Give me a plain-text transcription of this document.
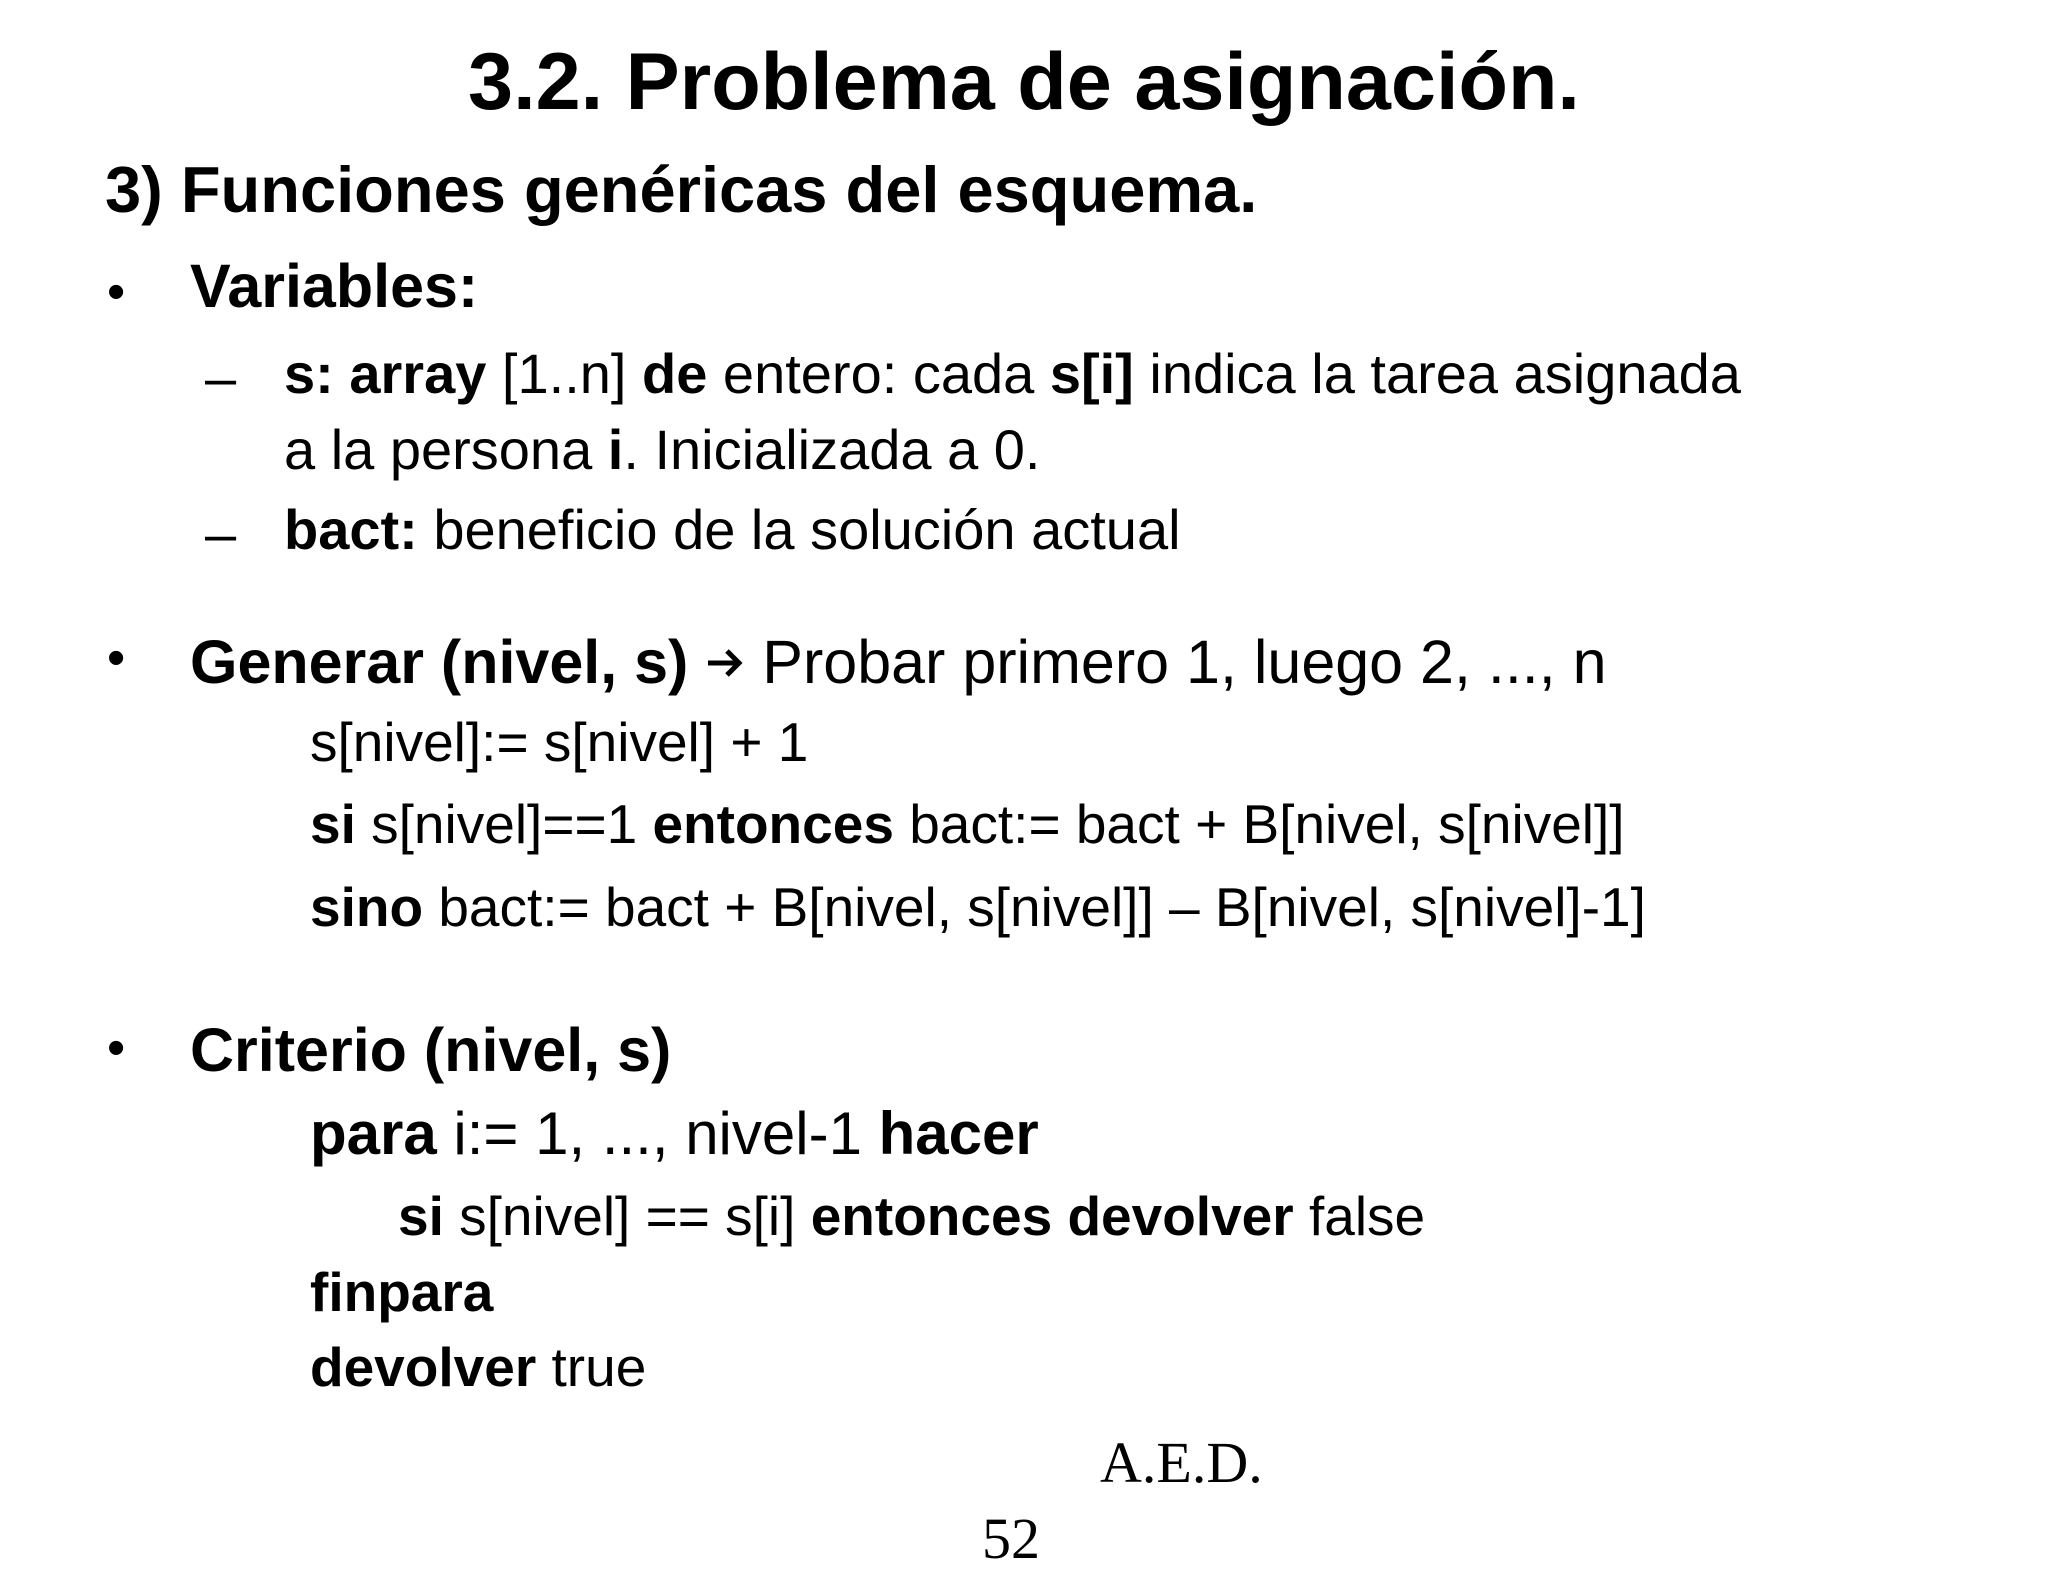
3.2. Problema de asignación.
3) Funciones genéricas del esquema.
• Variables:
– s: array [1..n] de entero: cada s[i] indica la tarea asignada
a la persona i. Inicializada a 0.
– bact: beneficio de la solución actual
• Generar (nivel, s)  Probar primero 1, luego 2, ..., n
s[nivel]:= s[nivel] + 1
si s[nivel]==1 entonces bact:= bact + B[nivel, s[nivel]]
sino bact:= bact + B[nivel, s[nivel]] – B[nivel, s[nivel]-1]
• Criterio (nivel, s)
para i:= 1, ..., nivel-1 hacer
si s[nivel] == s[i] entonces devolver false
finpara
devolver true
A.E.D.
52
